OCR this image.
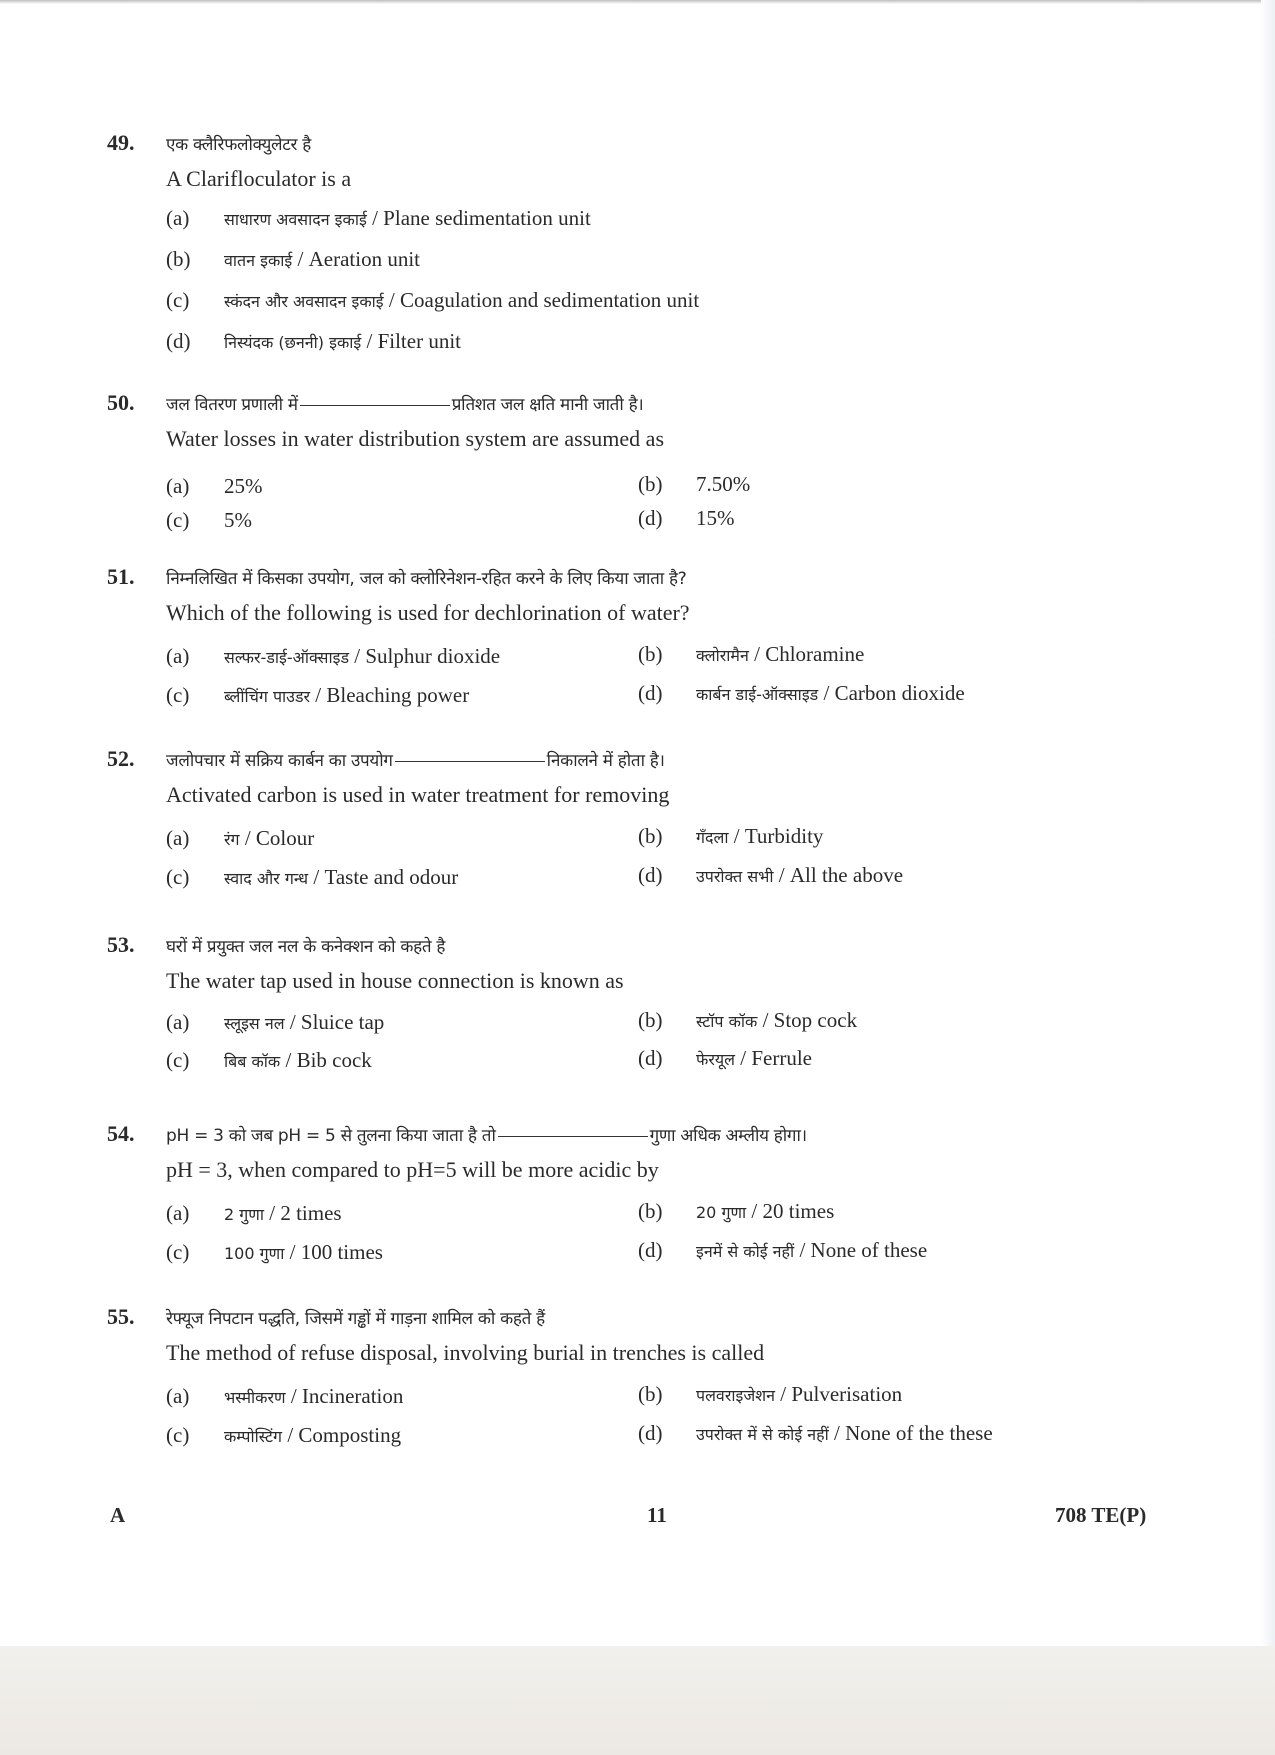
49. एक क्लैरिफलोक्युलेटर है
A Clarifloculator is a
(a) साधारण अवसादन इकाई / Plane sedimentation unit
(b) वातन इकाई / Aeration unit
(c) स्कंदन और अवसादन इकाई / Coagulation and sedimentation unit
(d) निस्यंदक (छननी) इकाई / Filter unit
50. जल वितरण प्रणाली में	प्रतिशत जल क्षति मानी जाती है।
Water losses in water distribution system are assumed as
(a) 25%	(b) 7.50%
(c) 5%	(d) 15%
51. निम्नलिखित में किसका उपयोग, जल को क्लोरिनेशन-रहित करने के लिए किया जाता है?
Which of the following is used for dechlorination of water?
(a) सल्फर-डाई-ऑक्साइड / Sulphur dioxide	(b) क्लोरामैन / Chloramine
(c) ब्लींचिंग पाउडर / Bleaching power	(d) कार्बन डाई-ऑक्साइड / Carbon dioxide
52. जलोपचार में सक्रिय कार्बन का उपयोग	निकालने में होता है।
Activated carbon is used in water treatment for removing
(a) रंग / Colour	(b) गँदला / Turbidity
(c) स्वाद और गन्ध / Taste and odour	(d) उपरोक्त सभी / All the above
53. घरों में प्रयुक्त जल नल के कनेक्शन को कहते है
The water tap used in house connection is known as
(a) स्लूइस नल / Sluice tap	(b) स्टॉप कॉक / Stop cock
(c) बिब कॉक / Bib cock	(d) फेरयूल / Ferrule
54. pH = 3 को जब pH = 5 से तुलना किया जाता है तो	गुणा अधिक अम्लीय होगा।
pH = 3, when compared to pH=5 will be more acidic by
(a) 2 गुणा / 2 times	(b) 20 गुणा / 20 times
(c) 100 गुणा / 100 times	(d) इनमें से कोई नहीं / None of these
55. रेफ्यूज निपटान पद्धति, जिसमें गड्ढों में गाड़ना शामिल को कहते हैं
The method of refuse disposal, involving burial in trenches is called
(a) भस्मीकरण / Incineration	(b) पलवराइजेशन / Pulverisation
(c) कम्पोस्टिंग / Composting	(d) उपरोक्त में से कोई नहीं / None of the these
A	11	708 TE(P)
